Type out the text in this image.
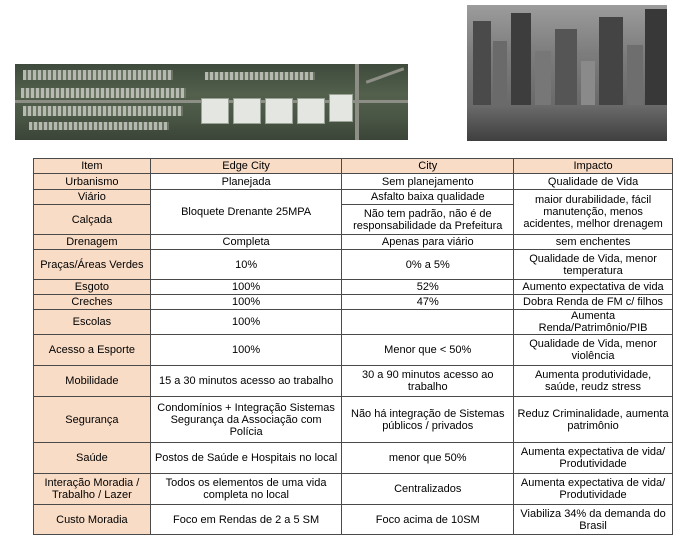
Item	Edge City	City	Impacto
Urbanismo	Planejada	Sem planejamento	Qualidade de Vida
Viário	Bloquete Drenante 25MPA	Asfalto baixa qualidade	maior durabilidade, fácil manutenção, menos acidentes, melhor drenagem
Calçada		Não tem padrão, não é de responsabilidade da Prefeitura	
Drenagem	Completa	Apenas para viário	sem enchentes
Praças/Áreas Verdes	10%	0% a 5%	Qualidade de Vida, menor temperatura
Esgoto	100%	52%	Aumento expectativa de vida
Creches	100%	47%	Dobra Renda de FM c/ filhos
Escolas	100%		Aumenta Renda/Patrimônio/PIB
Acesso a Esporte	100%	Menor que < 50%	Qualidade de Vida, menor violência
Mobilidade	15 a 30 minutos acesso ao trabalho	30 a 90 minutos acesso ao trabalho	Aumenta produtividade, saúde, reudz stress
Segurança	Condomínios + Integração Sistemas Segurança da Associação com Polícia	Não há integração de Sistemas públicos / privados	Reduz Criminalidade, aumenta patrimônio
Saúde	Postos de Saúde e Hospitais no local	menor que 50%	Aumenta expectativa de vida/ Produtividade
Interação Moradia / Trabalho / Lazer	Todos os elementos de uma vida completa no local	Centralizados	Aumenta expectativa de vida/ Produtividade
Custo Moradia	Foco em Rendas de 2 a 5 SM	Foco acima de 10SM	Viabiliza 34% da demanda do Brasil
